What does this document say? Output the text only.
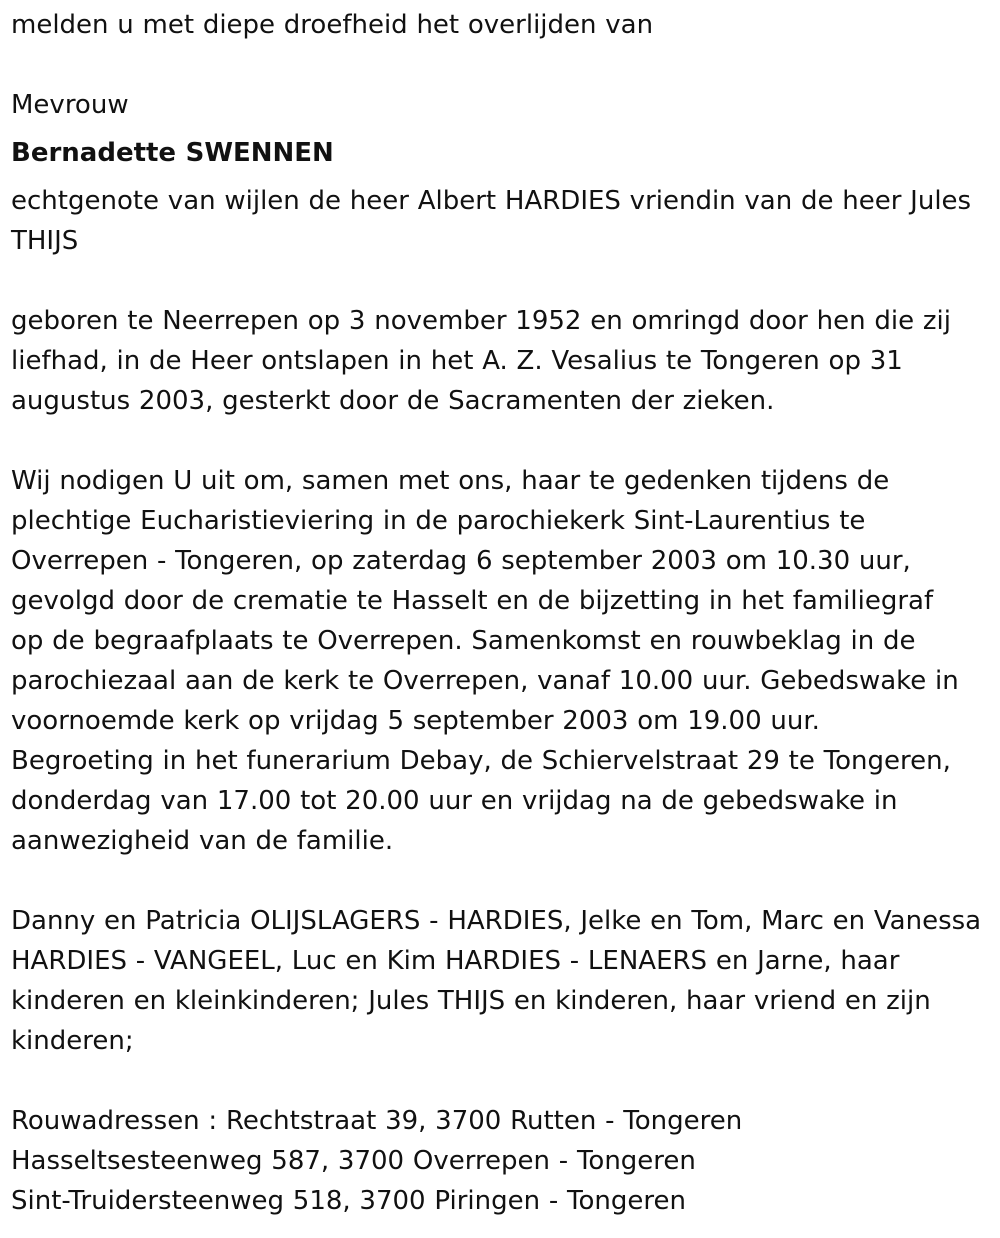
melden u met diepe droefheid het overlijden van

Mevrouw

Bernadette SWENNEN

echtgenote van wijlen de heer Albert HARDIES vriendin van de heer Jules
THIJS

geboren te Neerrepen op 3 november 1952 en omringd door hen die zij
liefhad, in de Heer ontslapen in het A. Z. Vesalius te Tongeren op 31
augustus 2003, gesterkt door de Sacramenten der zieken.

Wij nodigen U uit om, samen met ons, haar te gedenken tijdens de
plechtige Eucharistieviering in de parochiekerk Sint-Laurentius te
Overrepen - Tongeren, op zaterdag 6 september 2003 om 10.30 uur,
gevolgd door de crematie te Hasselt en de bijzetting in het familiegraf
op de begraafplaats te Overrepen. Samenkomst en rouwbeklag in de
parochiezaal aan de kerk te Overrepen, vanaf 10.00 uur. Gebedswake in
voornoemde kerk op vrijdag 5 september 2003 om 19.00 uur.
Begroeting in het funerarium Debay, de Schiervelstraat 29 te Tongeren,
donderdag van 17.00 tot 20.00 uur en vrijdag na de gebedswake in
aanwezigheid van de familie.

Danny en Patricia OLIJSLAGERS - HARDIES, Jelke en Tom, Marc en Vanessa
HARDIES - VANGEEL, Luc en Kim HARDIES - LENAERS en Jarne, haar
kinderen en kleinkinderen; Jules THIJS en kinderen, haar vriend en zijn
kinderen;

Rouwadressen : Rechtstraat 39, 3700 Rutten - Tongeren
Hasseltsesteenweg 587, 3700 Overrepen - Tongeren
Sint-Truidersteenweg 518, 3700 Piringen - Tongeren
